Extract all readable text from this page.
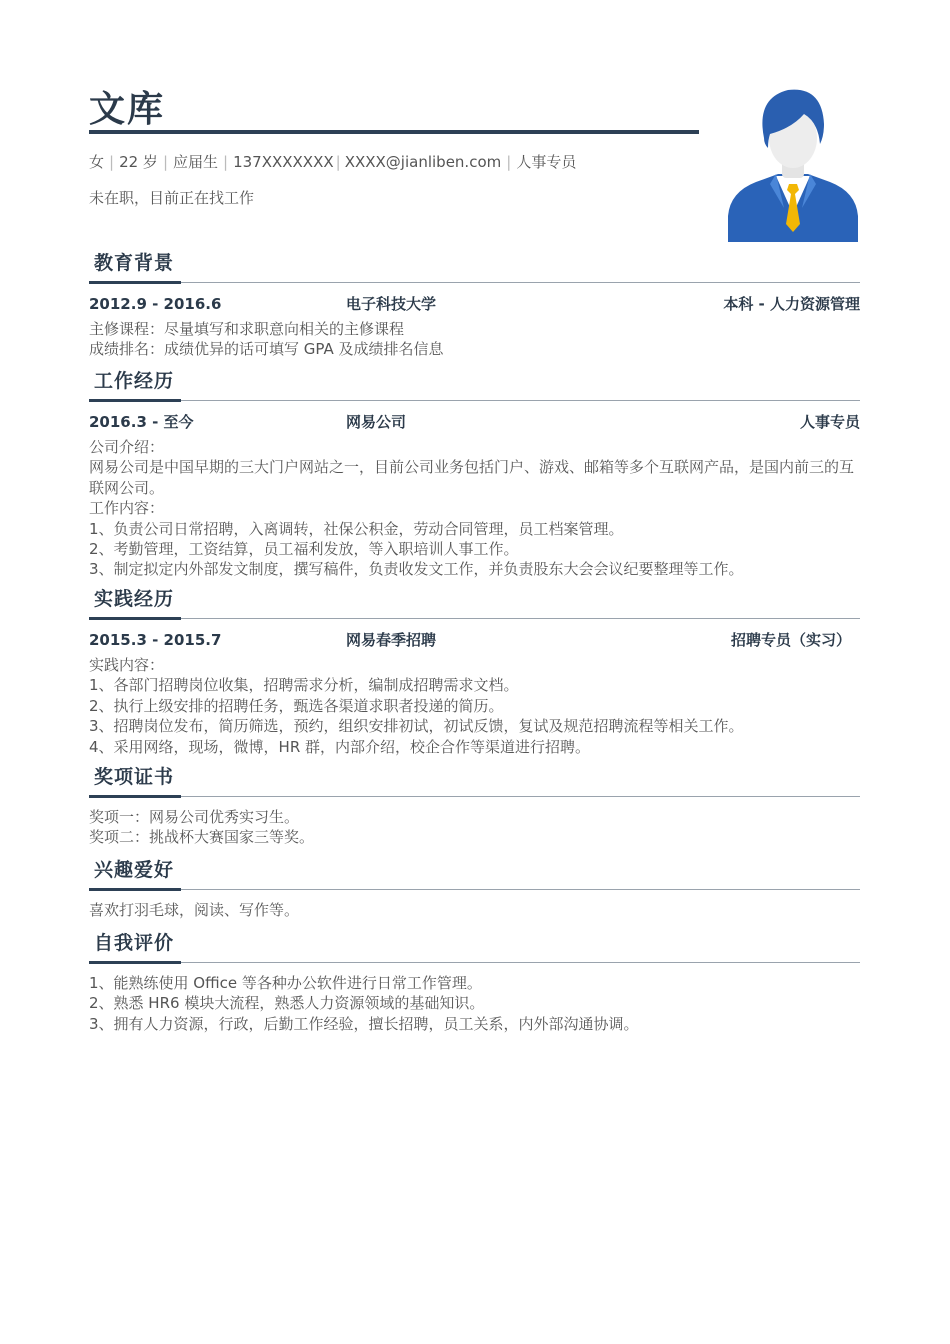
文库
女 | 22 岁 | 应届生 | 137XXXXXXX | XXXX@jianliben.com | 人事专员
未在职，目前正在找工作
教育背景
2012.9 - 2016.6	电子科技大学	本科 - 人力资源管理
主修课程：尽量填写和求职意向相关的主修课程
成绩排名：成绩优异的话可填写 GPA 及成绩排名信息
工作经历
2016.3 - 至今	网易公司	人事专员
公司介绍：
网易公司是中国早期的三大门户网站之一，目前公司业务包括门户、游戏、邮箱等多个互联网产品，是国内前三的互联网公司。
工作内容：
1、负责公司日常招聘，入离调转，社保公积金，劳动合同管理，员工档案管理。
2、考勤管理，工资结算，员工福利发放，等入职培训人事工作。
3、制定拟定内外部发文制度，撰写稿件，负责收发文工作，并负责股东大会会议纪要整理等工作。
实践经历
2015.3 - 2015.7	网易春季招聘	招聘专员（实习）
实践内容：
1、各部门招聘岗位收集，招聘需求分析，编制成招聘需求文档。
2、执行上级安排的招聘任务，甄选各渠道求职者投递的简历。
3、招聘岗位发布，简历筛选，预约，组织安排初试，初试反馈，复试及规范招聘流程等相关工作。
4、采用网络，现场，微博，HR 群，内部介绍，校企合作等渠道进行招聘。
奖项证书
奖项一：网易公司优秀实习生。
奖项二：挑战杯大赛国家三等奖。
兴趣爱好
喜欢打羽毛球，阅读、写作等。
自我评价
1、能熟练使用 Office 等各种办公软件进行日常工作管理。
2、熟悉 HR6 模块大流程，熟悉人力资源领域的基础知识。
3、拥有人力资源，行政，后勤工作经验，擅长招聘，员工关系，内外部沟通协调。
